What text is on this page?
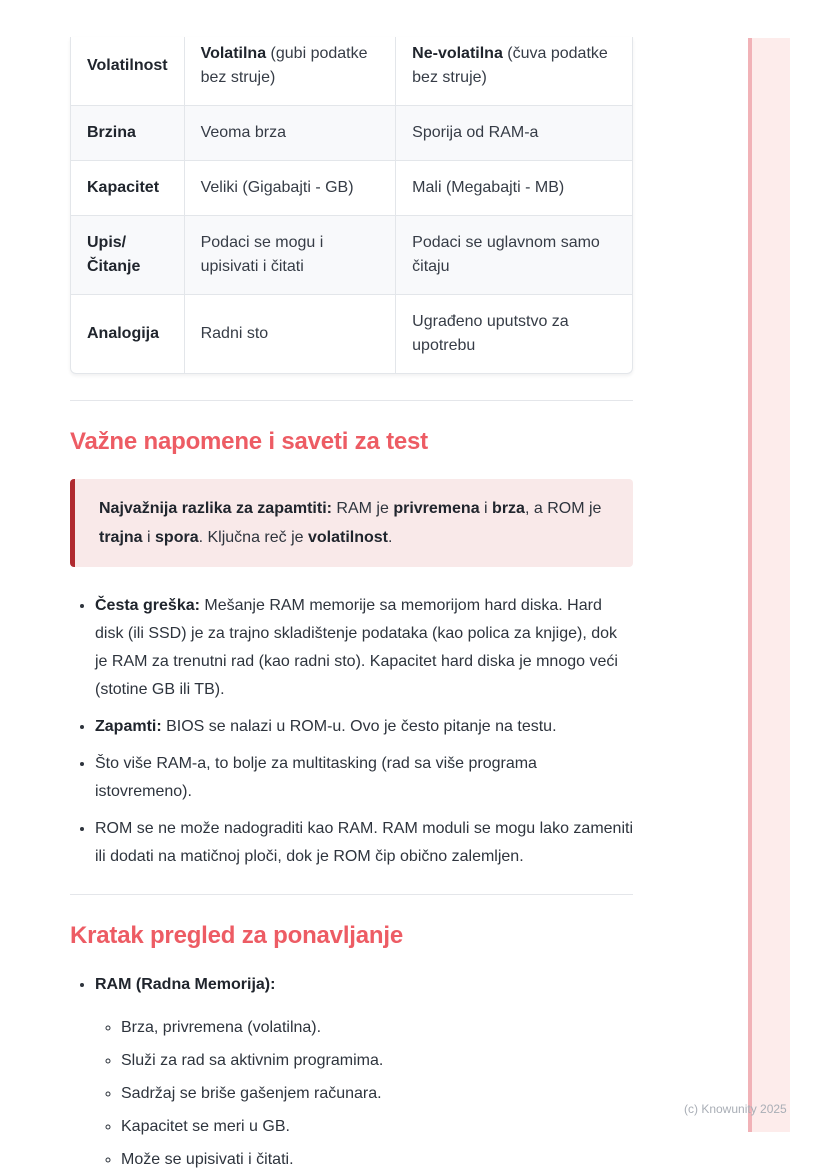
Volatilnost	Volatilna (gubi podatke bez struje)	Ne-volatilna (čuva podatke bez struje)
Brzina	Veoma brza	Sporija od RAM-a
Kapacitet	Veliki (Gigabajti - GB)	Mali (Megabajti - MB)
Upis/Čitanje	Podaci se mogu i upisivati i čitati	Podaci se uglavnom samo čitaju
Analogija	Radni sto	Ugrađeno uputstvo za upotrebu
Važne napomene i saveti za test
Najvažnija razlika za zapamtiti: RAM je privremena i brza, a ROM je trajna i spora. Ključna reč je volatilnost.
• Česta greška: Mešanje RAM memorije sa memorijom hard diska. Hard disk (ili SSD) je za trajno skladištenje podataka (kao polica za knjige), dok je RAM za trenutni rad (kao radni sto). Kapacitet hard diska je mnogo veći (stotine GB ili TB).
• Zapamti: BIOS se nalazi u ROM-u. Ovo je često pitanje na testu.
• Što više RAM-a, to bolje za multitasking (rad sa više programa istovremeno).
• ROM se ne može nadograditi kao RAM. RAM moduli se mogu lako zameniti ili dodati na matičnoj ploči, dok je ROM čip obično zalemljen.
Kratak pregled za ponavljanje
• RAM (Radna Memorija):
◦ Brza, privremena (volatilna).
◦ Služi za rad sa aktivnim programima.
◦ Sadržaj se briše gašenjem računara.
◦ Kapacitet se meri u GB.
◦ Može se upisivati i čitati.
(c) Knowunity 2025
